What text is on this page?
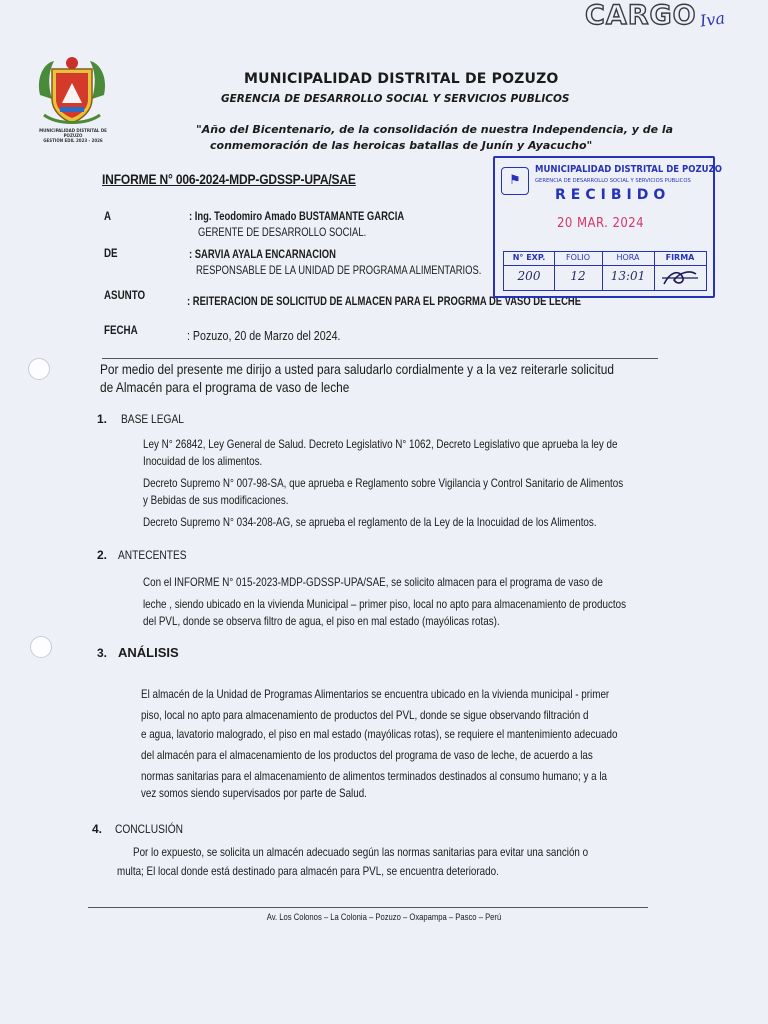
CARGO Iva
MUNICIPALIDAD DISTRITAL DE POZUZO
GESTIÓN EDIL 2023 - 2026
MUNICIPALIDAD DISTRITAL DE POZUZO
GERENCIA DE DESARROLLO SOCIAL Y SERVICIOS PUBLICOS
"Año del Bicentenario, de la consolidación de nuestra Independencia, y de la
conmemoración de las heroicas batallas de Junín y Ayacucho"
INFORME N° 006-2024-MDP-GDSSP-UPA/SAE
A	: Ing. Teodomiro Amado BUSTAMANTE GARCIA
GERENTE DE DESARROLLO SOCIAL.
DE	: SARVIA AYALA ENCARNACION
RESPONSABLE DE LA UNIDAD DE PROGRAMA ALIMENTARIOS.
ASUNTO	: REITERACION DE SOLICITUD DE ALMACEN PARA EL PROGRMA DE VASO DE LECHE
FECHA	: Pozuzo, 20 de Marzo del 2024.
⚑
MUNICIPALIDAD DISTRITAL DE POZUZO
GERENCIA DE DESARROLLO SOCIAL Y SERVICIOS PUBLICOS
RECIBIDO
20 MAR. 2024
N° EXP.	FOLIO	HORA	FIRMA
200	12	13:01
Por medio del presente me dirijo a usted para saludarlo cordialmente y a la vez reiterarle solicitud
de Almacén para el programa de vaso de leche
1. BASE LEGAL
Ley N° 26842, Ley General de Salud. Decreto Legislativo N° 1062, Decreto Legislativo que aprueba la ley de
Inocuidad de los alimentos.
Decreto Supremo N° 007-98-SA, que aprueba e Reglamento sobre Vigilancia y Control Sanitario de Alimentos
y Bebidas de sus modificaciones.
Decreto Supremo N° 034-208-AG, se aprueba el reglamento de la Ley de la Inocuidad de los Alimentos.
2. ANTECENTES
Con el INFORME N° 015-2023-MDP-GDSSP-UPA/SAE, se solicito almacen para el programa de vaso de
leche , siendo ubicado en la vivienda Municipal – primer piso, local no apto para almacenamiento de productos
del PVL, donde se observa filtro de agua, el piso en mal estado (mayólicas rotas).
3. ANÁLISIS
El almacén de la Unidad de Programas Alimentarios se encuentra ubicado en la vivienda municipal - primer
piso, local no apto para almacenamiento de productos del PVL, donde se sigue observando filtración d
e agua, lavatorio malogrado, el piso en mal estado (mayólicas rotas), se requiere el mantenimiento adecuado
del almacén para el almacenamiento de los productos del programa de vaso de leche, de acuerdo a las
normas sanitarias para el almacenamiento de alimentos terminados destinados al consumo humano; y a la
vez somos siendo supervisados por parte de Salud.
4. CONCLUSIÓN
Por lo expuesto, se solicita un almacén adecuado según las normas sanitarias para evitar una sanción o
multa; El local donde está destinado para almacén para PVL, se encuentra deteriorado.
Av. Los Colonos – La Colonia – Pozuzo – Oxapampa – Pasco – Perú
